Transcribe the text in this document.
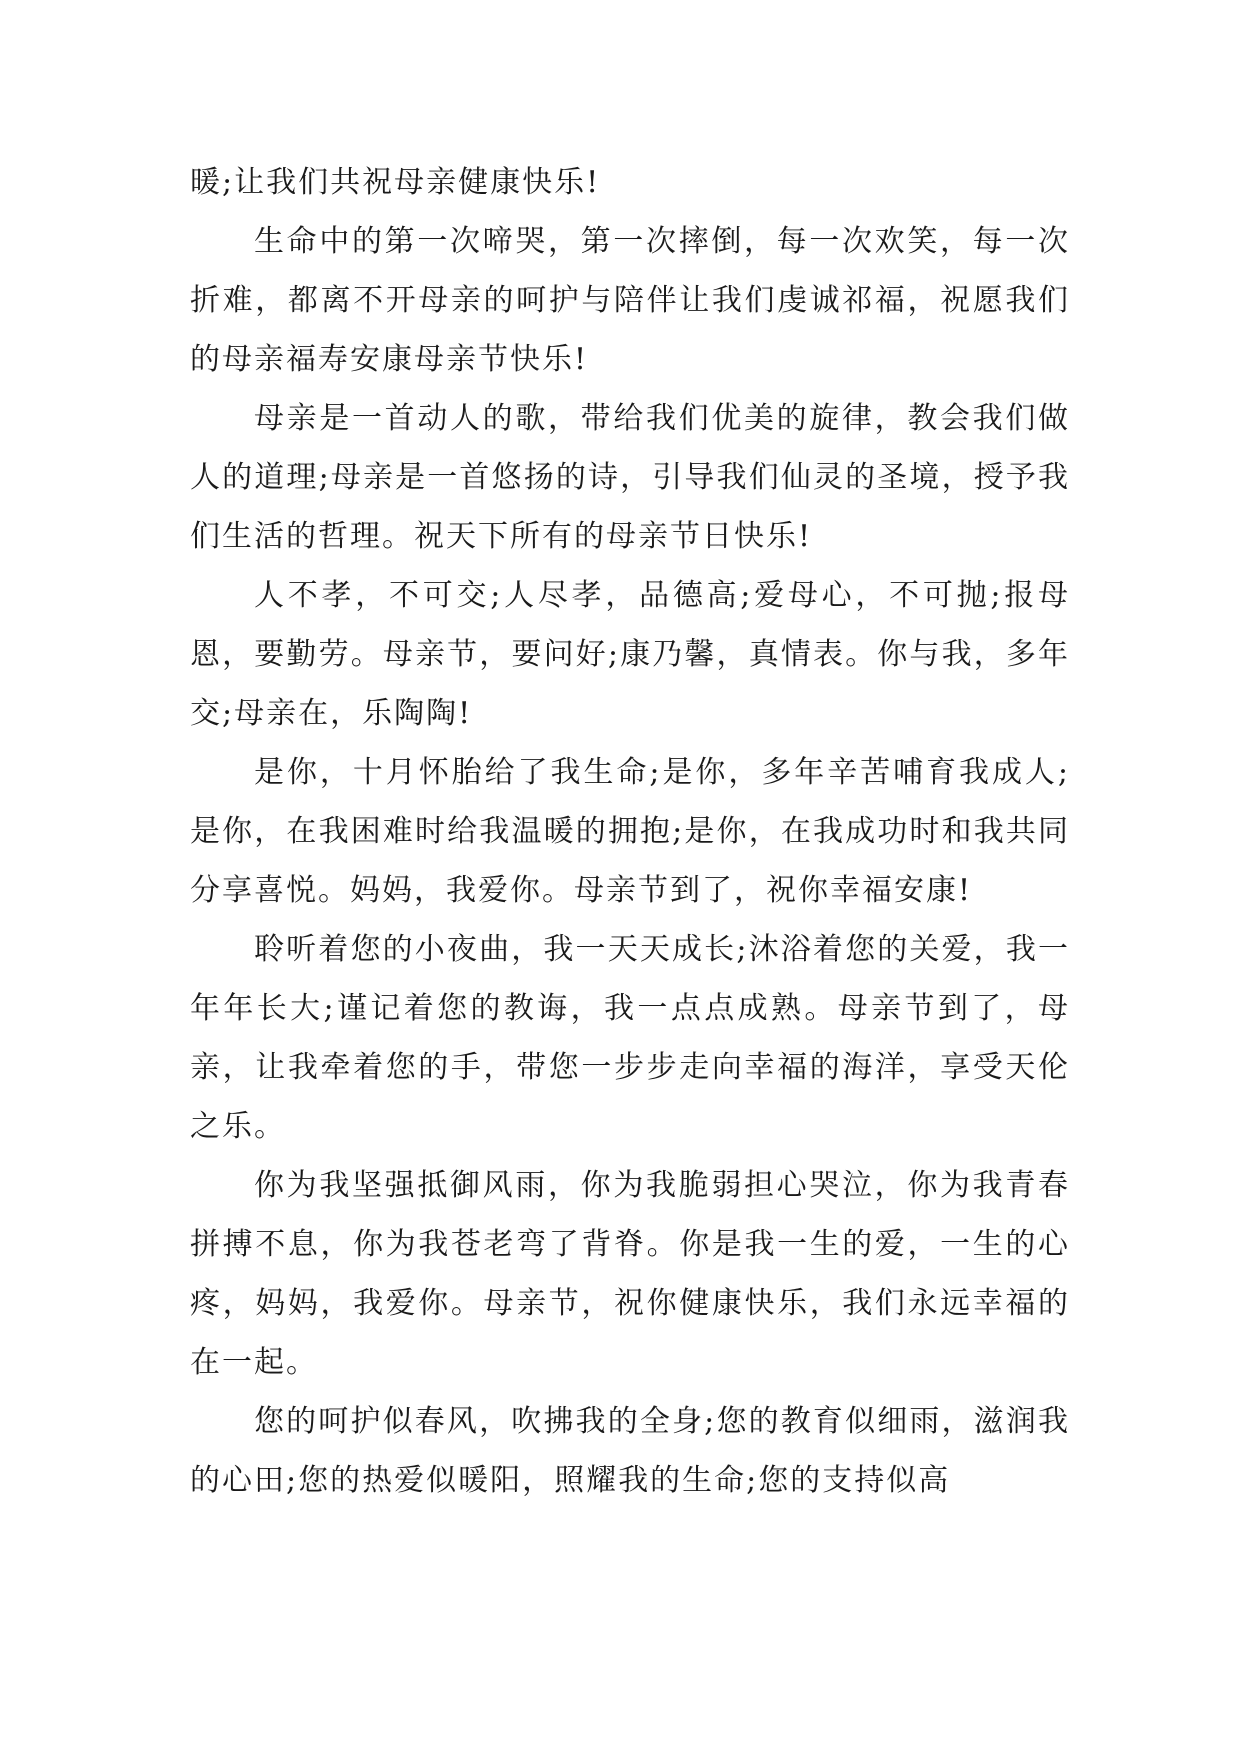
暖;让我们共祝母亲健康快乐!

生命中的第一次啼哭，第一次摔倒，每一次欢笑，每一次折难，都离不开母亲的呵护与陪伴让我们虔诚祁福，祝愿我们的母亲福寿安康母亲节快乐!

母亲是一首动人的歌，带给我们优美的旋律，教会我们做人的道理;母亲是一首悠扬的诗，引导我们仙灵的圣境，授予我们生活的哲理。祝天下所有的母亲节日快乐!

人不孝，不可交;人尽孝，品德高;爱母心，不可抛;报母恩，要勤劳。母亲节，要问好;康乃馨，真情表。你与我，多年交;母亲在，乐陶陶!

是你，十月怀胎给了我生命;是你，多年辛苦哺育我成人;是你，在我困难时给我温暖的拥抱;是你，在我成功时和我共同分享喜悦。妈妈，我爱你。母亲节到了，祝你幸福安康!

聆听着您的小夜曲，我一天天成长;沐浴着您的关爱，我一年年长大;谨记着您的教诲，我一点点成熟。母亲节到了，母亲，让我牵着您的手，带您一步步走向幸福的海洋，享受天伦之乐。

你为我坚强抵御风雨，你为我脆弱担心哭泣，你为我青春拼搏不息，你为我苍老弯了背脊。你是我一生的爱，一生的心疼，妈妈，我爱你。母亲节，祝你健康快乐，我们永远幸福的在一起。

您的呵护似春风，吹拂我的全身;您的教育似细雨，滋润我的心田;您的热爱似暖阳，照耀我的生命;您的支持似高
